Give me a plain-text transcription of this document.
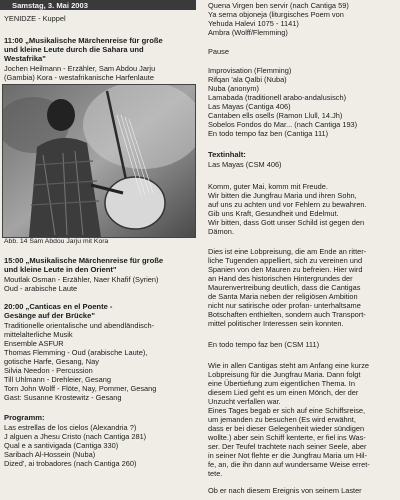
Samstag, 3. Mai 2003
YENIDZE - Kuppel
11:00 „Musikalische Märchenreise für große
und kleine Leute durch die Sahara und
Westafrika"
Jochen Heilmann - Erzähler, Sam Abdou Jarju
(Gambia) Kora - westafrikanische Harfenlaute
Abb. 14 Sam Abdou Jarju mit Kora
15:00 „Musikalische Märchenreise für große
und kleine Leute in den Orient"
Moutlak Osman - Erzähler, Naer Khafif (Syrien)
Oud - arabische Laute
20:00 „Canticas en el Poente -
Gesänge auf der Brücke"
Traditionelle orientalische und abendländisch-
mittelalterliche Musik
Ensemble ASFUR
Thomas Flemming - Oud (arabische Laute),
gotische Harfe, Gesang, Nay
Silvia Needon - Percussion
Till Uhlmann - Drehleier, Gesang
Torn John Wolff - Flöte, Nay, Pommer, Gesang
Gast: Susanne Krostewitz - Gesang
Programm:
Las estrellas de los cielos (Alexandria ?)
J alguen a Jhesu Cristo (nach Cantiga 281)
Qual e a santivigada (Cantiga 330)
Saribach Al-Hossein (Nuba)
Dized', ai trobadores (nach Cantiga 260)
Quena Virgen ben servir (nach Cantiga 59)
Ya serna objoneja (liturgisches Poem von
Yehuda Halevi 1075 - 1141)
Ambra (Wolff/Flemming)
Pause
Improvisation (Flemming)
Rifqan 'ala Qalbi (Nuba)
Nuba (anonym)
Lamabada (traditionell arabo-andalusisch)
Las Mayas (Cantiga 406)
Cantaben ells osells (Ramon Llull, 14.Jh)
Sobelos Fondos do Mar... (nach Cantiga 193)
En todo tempo faz ben (Cantiga 111)
Textinhalt:
Las Mayas (CSM 406)
Komm, guter Mai, komm mit Freude.
Wir bitten die Jungfrau Maria und ihren Sohn,
auf uns zu achten und vor Fehlern zu bewahren.
Gib uns Kraft, Gesundheit und Edelmut.
Wir bitten, dass Gott unser Schild ist gegen den
Dämon.
Dies ist eine Lobpreisung, die am Ende an ritter-
liche Tugenden appelliert, sich zu vereinen und
Spanien von den Mauren zu befreien. Hier wird
an Hand des historischen Hintergrundes der
Maurenvertreibung deutlich, dass die Cantigas
de Santa Maria neben der religiösen Ambition
nicht nur satirische oder profan- unterhaltsame
Botschaften enthielten, sondern auch Transport-
mittel politischer Interessen sein konnten.
En todo tempo faz ben (CSM 111)
Wie in allen Cantigas steht am Anfang eine kurze
Lobpreisung für die Jungfrau Maria. Dann folgt
eine Übertiefung zum eigentlichen Thema. In
diesem Lied geht es um einen Mönch, der der
Unzucht verfallen war.
Eines Tages begab er sich auf eine Schiffsreise,
um jemanden zu besuchen (Es wird erwähnt,
dass er bei dieser Gelegenheit wieder sündigen
wollte.) aber sein Schiff kenterte, er fiel ins Was-
ser. Der Teufel trachtete nach seiner Seele, aber
in seiner Not flehte er die Jungfrau Maria um Hil-
fe, an, die ihn dann auf wundersame Weise erret-
tete.
Ob er nach diesem Ereignis von seinem Laster
